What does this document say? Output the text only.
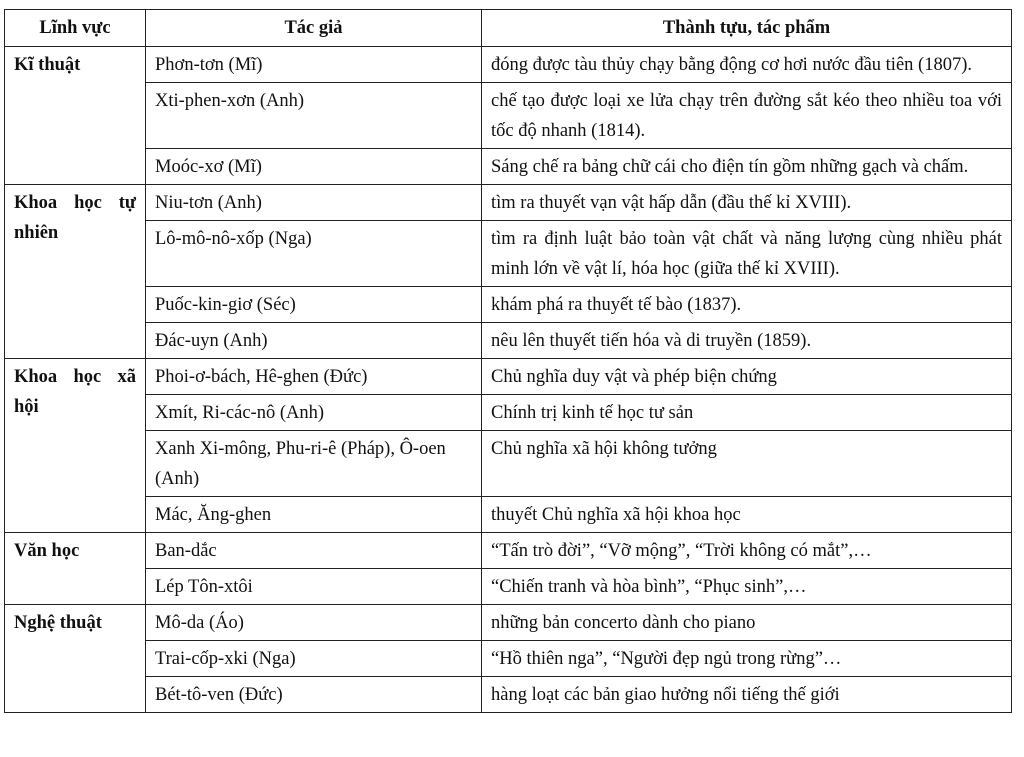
Lĩnh vực	Tác giả	Thành tựu, tác phẩm
Kĩ thuật	Phơn-tơn (Mĩ)	đóng được tàu thủy chạy bằng động cơ hơi nước đầu tiên (1807).
	Xti-phen-xơn (Anh)	chế tạo được loại xe lửa chạy trên đường sắt kéo theo nhiều toa với tốc độ nhanh (1814).
	Moóc-xơ (Mĩ)	Sáng chế ra bảng chữ cái cho điện tín gồm những gạch và chấm.
Khoa học tự nhiên	Niu-tơn (Anh)	tìm ra thuyết vạn vật hấp dẫn (đầu thế kỉ XVIII).
	Lô-mô-nô-xốp (Nga)	tìm ra định luật bảo toàn vật chất và năng lượng cùng nhiều phát minh lớn về vật lí, hóa học (giữa thế kỉ XVIII).
	Puốc-kin-giơ (Séc)	khám phá ra thuyết tế bào (1837).
	Đác-uyn (Anh)	nêu lên thuyết tiến hóa và di truyền (1859).
Khoa học xã hội	Phoi-ơ-bách, Hê-ghen (Đức)	Chủ nghĩa duy vật và phép biện chứng
	Xmít, Ri-các-nô (Anh)	Chính trị kinh tế học tư sản
	Xanh Xi-mông, Phu-ri-ê (Pháp), Ô-oen (Anh)	Chủ nghĩa xã hội không tưởng
	Mác, Ăng-ghen	thuyết Chủ nghĩa xã hội khoa học
Văn học	Ban-dắc	“Tấn trò đời”, “Vỡ mộng”, “Trời không có mắt”,…
	Lép Tôn-xtôi	“Chiến tranh và hòa bình”, “Phục sinh”,…
Nghệ thuật	Mô-da (Áo)	những bản concerto dành cho piano
	Trai-cốp-xki (Nga)	“Hồ thiên nga”, “Người đẹp ngủ trong rừng”…
	Bét-tô-ven (Đức)	hàng loạt các bản giao hưởng nổi tiếng thế giới
